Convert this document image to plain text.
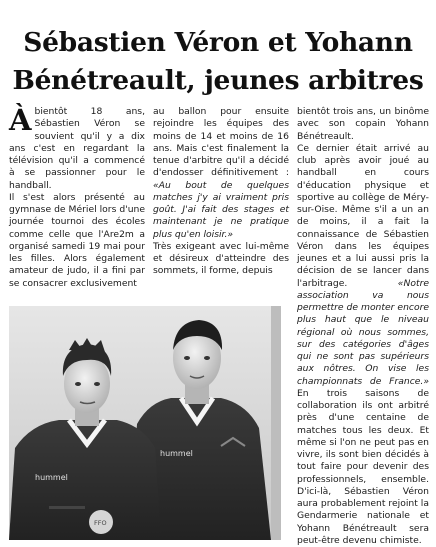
Sébastien Véron et Yohann
Bénétreault, jeunes arbitres

Àbientôt 18 ans, Sébastien Véron se souvient qu'il y a dix ans c'est en regardant la télévision qu'il a commencé à se passionner pour le handball.

Il s'est alors présenté au gymnase de Mériel lors d'une journée tournoi des écoles comme celle que l'Are2m a organisé samedi 19 mai pour les filles. Alors également amateur de judo, il a fini par se consacrer exclusivement

au ballon pour ensuite rejoindre les équipes des moins de 14 et moins de 16 ans. Mais c'est finalement la tenue d'arbitre qu'il a décidé d'endosser définitivement : «Au bout de quelques matches j'y ai vraiment pris goût. J'ai fait des stages et maintenant je ne pratique plus qu'en loisir.»

Très exigeant avec lui-même et désireux d'atteindre des sommets, il forme, depuis

bientôt trois ans, un binôme avec son copain Yohann Bénétreault.

Ce dernier était arrivé au club après avoir joué au handball en cours d'éducation physique et sportive au collège de Méry-sur-Oise. Même s'il a un an de moins, il a fait la connaissance de Sébastien Véron dans les équipes jeunes et a lui aussi pris la décision de se lancer dans l'arbitrage. «Notre association va nous permettre de monter encore plus haut que le niveau régional où nous sommes, sur des catégories d'âges qui ne sont pas supérieurs aux nôtres. On vise les championnats de France.» En trois saisons de collaboration ils ont arbitré près d'une centaine de matches tous les deux. Et même si l'on ne peut pas en vivre, ils sont bien décidés à tout faire pour devenir des professionnels, ensemble. D'ici-là, Sébastien Véron aura probablement rejoint la Gendarmerie nationale et Yohann Bénétreault sera peut-être devenu chimiste.

hummel
hummel
FFO
